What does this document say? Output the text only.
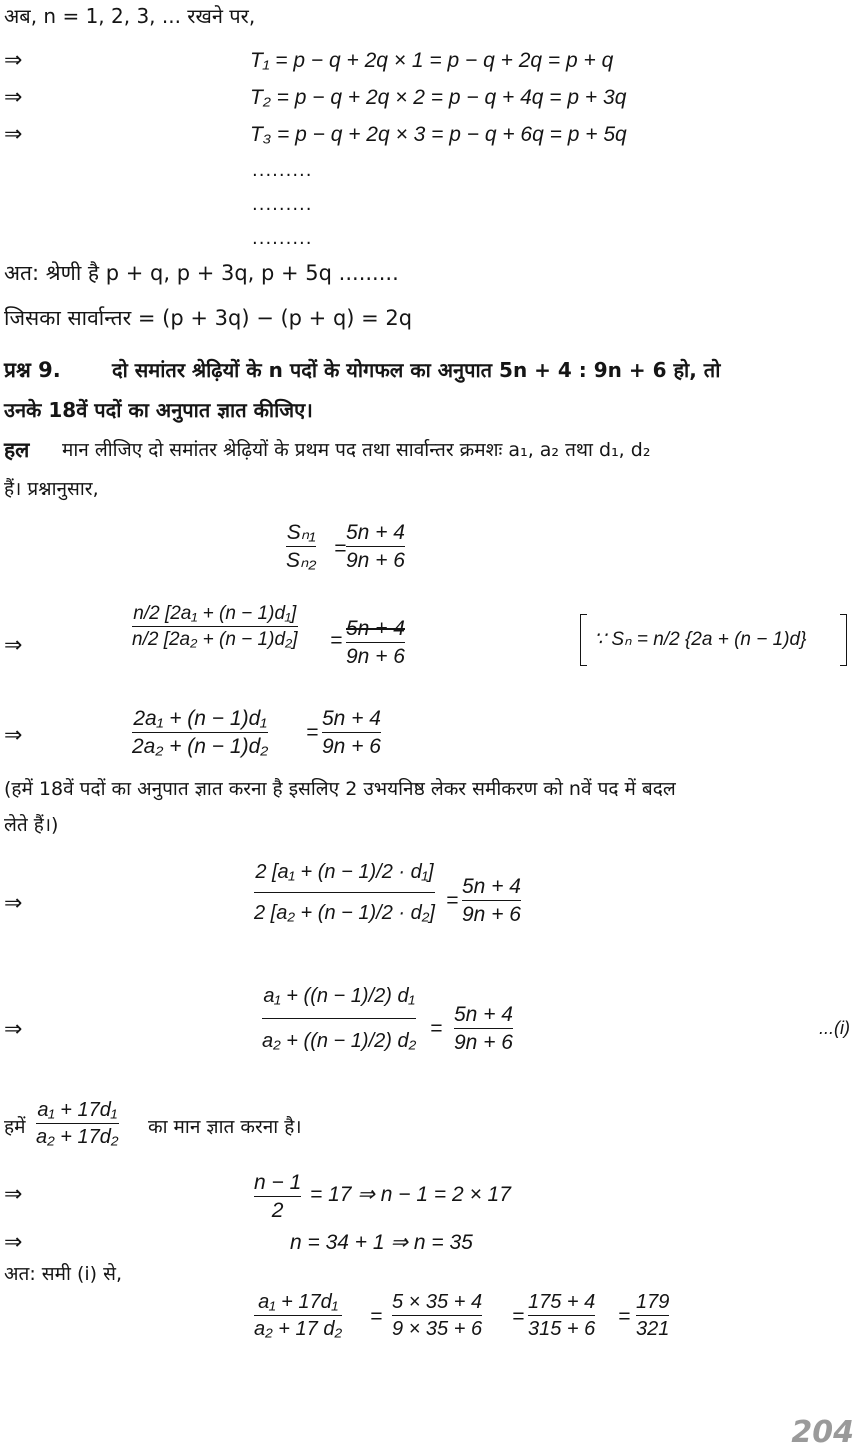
अब, n = 1, 2, 3, ... रखने पर,
⇒	T₁ = p − q + 2q × 1 = p − q + 2q = p + q
⇒	T₂ = p − q + 2q × 2 = p − q + 4q = p + 3q
⇒	T₃ = p − q + 2q × 3 = p − q + 6q = p + 5q
.........
.........
.........
अत: श्रेणी है p + q, p + 3q, p + 5q .........
जिसका सार्वान्तर = (p + 3q) − (p + q) = 2q
प्रश्न 9.	दो समांतर श्रेढ़ियों के n पदों के योगफल का अनुपात 5n + 4 : 9n + 6 हो, तो
उनके 18वें पदों का अनुपात ज्ञात कीजिए।
हल मान लीजिए दो समांतर श्रेढ़ियों के प्रथम पद तथा सार्वान्तर क्रमशः a₁, a₂ तथा d₁, d₂
हैं। प्रश्नानुसार,
Sₙ₁
Sₙ₂
=
5n + 4
9n + 6
⇒
n/2 [2a₁ + (n − 1)d₁]
n/2 [2a₂ + (n − 1)d₂] =
5n + 4
9n + 6
∵ Sₙ = n/2 {2a + (n − 1)d}
⇒
2a₁ + (n − 1)d₁
2a₂ + (n − 1)d₂
=
5n + 4
9n + 6
(हमें 18वें पदों का अनुपात ज्ञात करना है इसलिए 2 उभयनिष्ठ लेकर समीकरण को nवें पद में बदल
लेते हैं।)
⇒
2 [a₁ + (n − 1)/2 · d₁]
2 [a₂ + (n − 1)/2 · d₂]
=
5n + 4
9n + 6
⇒
a₁ + ((n − 1)/2) d₁
a₂ + ((n − 1)/2) d₂
=
5n + 4
9n + 6
...(i)
हमें
a₁ + 17d₁
a₂ + 17d₂ का मान ज्ञात करना है।
⇒	n − 1
2
= 17 ⇒ n − 1 = 2 × 17
⇒	n = 34 + 1 ⇒ n = 35
अत: समी (i) से,
a₁ + 17d₁
a₂ + 17 d₂
=
5 × 35 + 4
9 × 35 + 6
=
175 + 4
315 + 6
=
179
321
204
